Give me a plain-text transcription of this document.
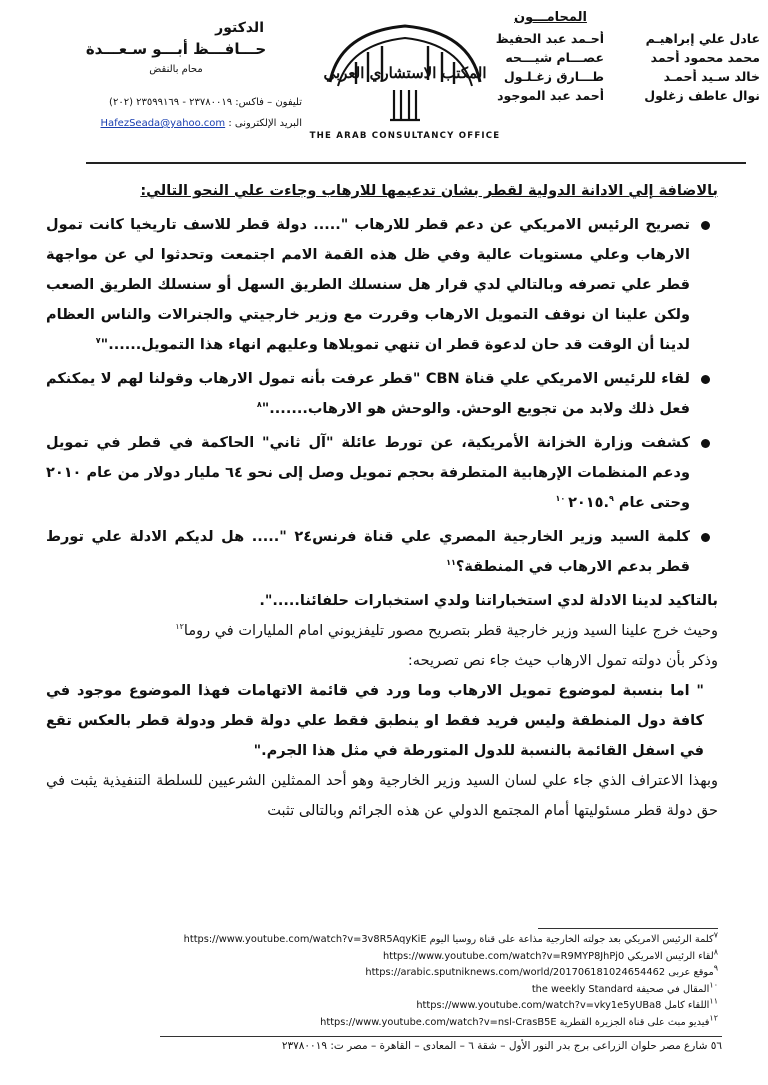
المحامـــون
عادل علي إبراهيـم
أحـمد عبد الحفيظ
محمد محمود أحمد
عصـــام شيـــحه
خالد سـيد أحمـد
طـــارق زغـلـول
نوال عاطف زغلول
أحمد عبد الموجود
المكتب الاستشاري العربي
THE ARAB CONSULTANCY OFFICE
الدكتور
حـــافـــظ أبـــو سـعـــدة
محام بالنقض
تليفون – فاكس: ٢٣٧٨٠٠١٩ - ٢٣٥٩٩١٦٩ (٢٠٢)
البريد الإلكترونى : HafezSeada@yahoo.com
بالاضافة إلي الادانة الدولية لقطر بشان تدعيمها للارهاب وجاءت علي النحو التالي:
تصريح الرئيس الامريكي عن دعم قطر للارهاب "..... دولة قطر للاسف تاريخيا كانت تمول الارهاب وعلي مستويات عالية وفي ظل هذه القمة الامم اجتمعت وتحدثوا لي عن مواجهة قطر علي تصرفه وبالتالي لدي قرار هل سنسلك الطريق السهل أو سنسلك الطريق الصعب ولكن علينا ان نوقف التمويل الارهاب وقررت مع وزير خارجيتي والجنرالات والناس العظام لدينا أن الوقت قد حان لدعوة قطر ان تنهي تمويلاها وعليهم انهاء هذا التمويل......"$^٧$
لقاء للرئيس الامريكي علي قناة CBN "قطر عرفت بأنه تمول الارهاب وقولنا لهم لا يمكنكم فعل ذلك ولابد من تجويع الوحش. والوحش هو الارهاب......."$^٨$
كشفت وزارة الخزانة الأمريكية، عن تورط عائلة "آل ثاني" الحاكمة في قطر في تمويل ودعم المنظمات الإرهابية المتطرفة بحجم تمويل وصل إلى نحو ٦٤ مليار دولار من عام ٢٠١٠ وحتى عام ٢٠١٥.$^{٩ ١٠}$
كلمة السيد وزير الخارجية المصري علي قناة فرنس٢٤ "..... هل لديكم الادلة علي تورط قطر بدعم الارهاب في المنطقة؟$^{١١}$

بالتاكيد لدينا الادلة لدي استخباراتنا ولدي استخبارات حلفائنا.....".

وحيث خرج علينا السيد وزير خارجية قطر بتصريح مصور تليفزيوني امام المليارات في روما$^{١٢}$

وذكر بأن دولته تمول الارهاب حيث جاء نص تصريحه:

" اما بنسبة لموضوع تمويل الارهاب وما ورد في قائمة الاتهامات فهذا الموضوع موجود في كافة دول المنطقة وليس فريد فقط او ينطبق فقط علي دولة قطر ودولة قطر بالعكس تقع في اسفل القائمة بالنسبة للدول المتورطة في مثل هذا الجرم."

وبهذا الاعتراف الذي جاء علي لسان السيد وزير الخارجية وهو أحد الممثلين الشرعيين للسلطة التنفيذية يثبت في حق دولة قطر مسئوليتها أمام المجتمع الدولي عن هذه الجرائم وبالتالى تثبت

$^٧$كلمة الرئيس الامريكي بعد جولته الخارجية مذاعة على قناة روسيا اليوم https://www.youtube.com/watch?v=3v8R5AqyKiE
$^٨$لقاء الرئيس الامريكي https://www.youtube.com/watch?v=R9MYP8JhPj0
$^٩$موقع عربى https://arabic.sputniknews.com/world/201706181024654462
$^{١٠}$المقال في صحيفة the weekly Standard
$^{١١}$اللقاء كامل https://www.youtube.com/watch?v=vky1e5yUBa8
$^{١٢}$فيديو مبث على قناة الجزيرة القطرية https://www.youtube.com/watch?v=nsl-CrasB5E
٥٦ شارع مصر حلوان الزراعى برج بدر النور الأول – شقة ٦ – المعادى – القاهرة – مصر ت: ٢٣٧٨٠٠١٩
